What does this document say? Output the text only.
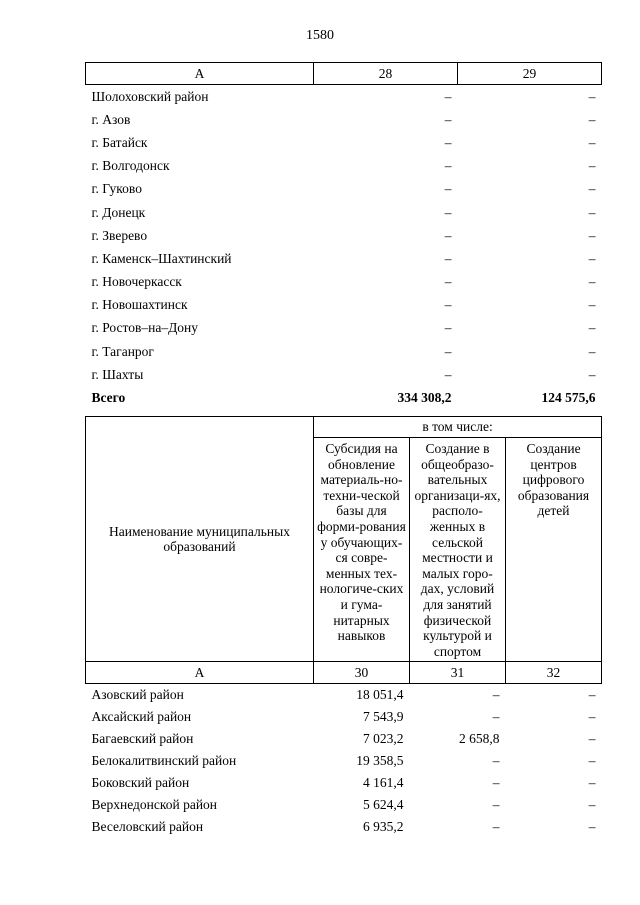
1580
А	28	29
Шолоховский район	–	–
г. Азов	–	–
г. Батайск	–	–
г. Волгодонск	–	–
г. Гуково	–	–
г. Донецк	–	–
г. Зверево	–	–
г. Каменск–Шахтинский	–	–
г. Новочеркасск	–	–
г. Новошахтинск	–	–
г. Ростов–на–Дону	–	–
г. Таганрог	–	–
г. Шахты	–	–
Всего	334 308,2	124 575,6
Наименование муниципальных образований	в том числе:		
	Субсидия на обновление материаль-но-техни-ческой базы для форми-рования у обучающих-ся совре-менных тех-нологиче-ских и гума-нитарных навыков	Создание в общеобразо-вательных организаци-ях, располо-женных в сельской местности и малых горо-дах, условий для занятий физической культурой и спортом	Создание центров цифрового образования детей
А	30	31	32
Азовский район	18 051,4	–	–
Аксайский район	7 543,9	–	–
Багаевский район	7 023,2	2 658,8	–
Белокалитвинский район	19 358,5	–	–
Боковский район	4 161,4	–	–
Верхнедонской район	5 624,4	–	–
Веселовский район	6 935,2	–	–
